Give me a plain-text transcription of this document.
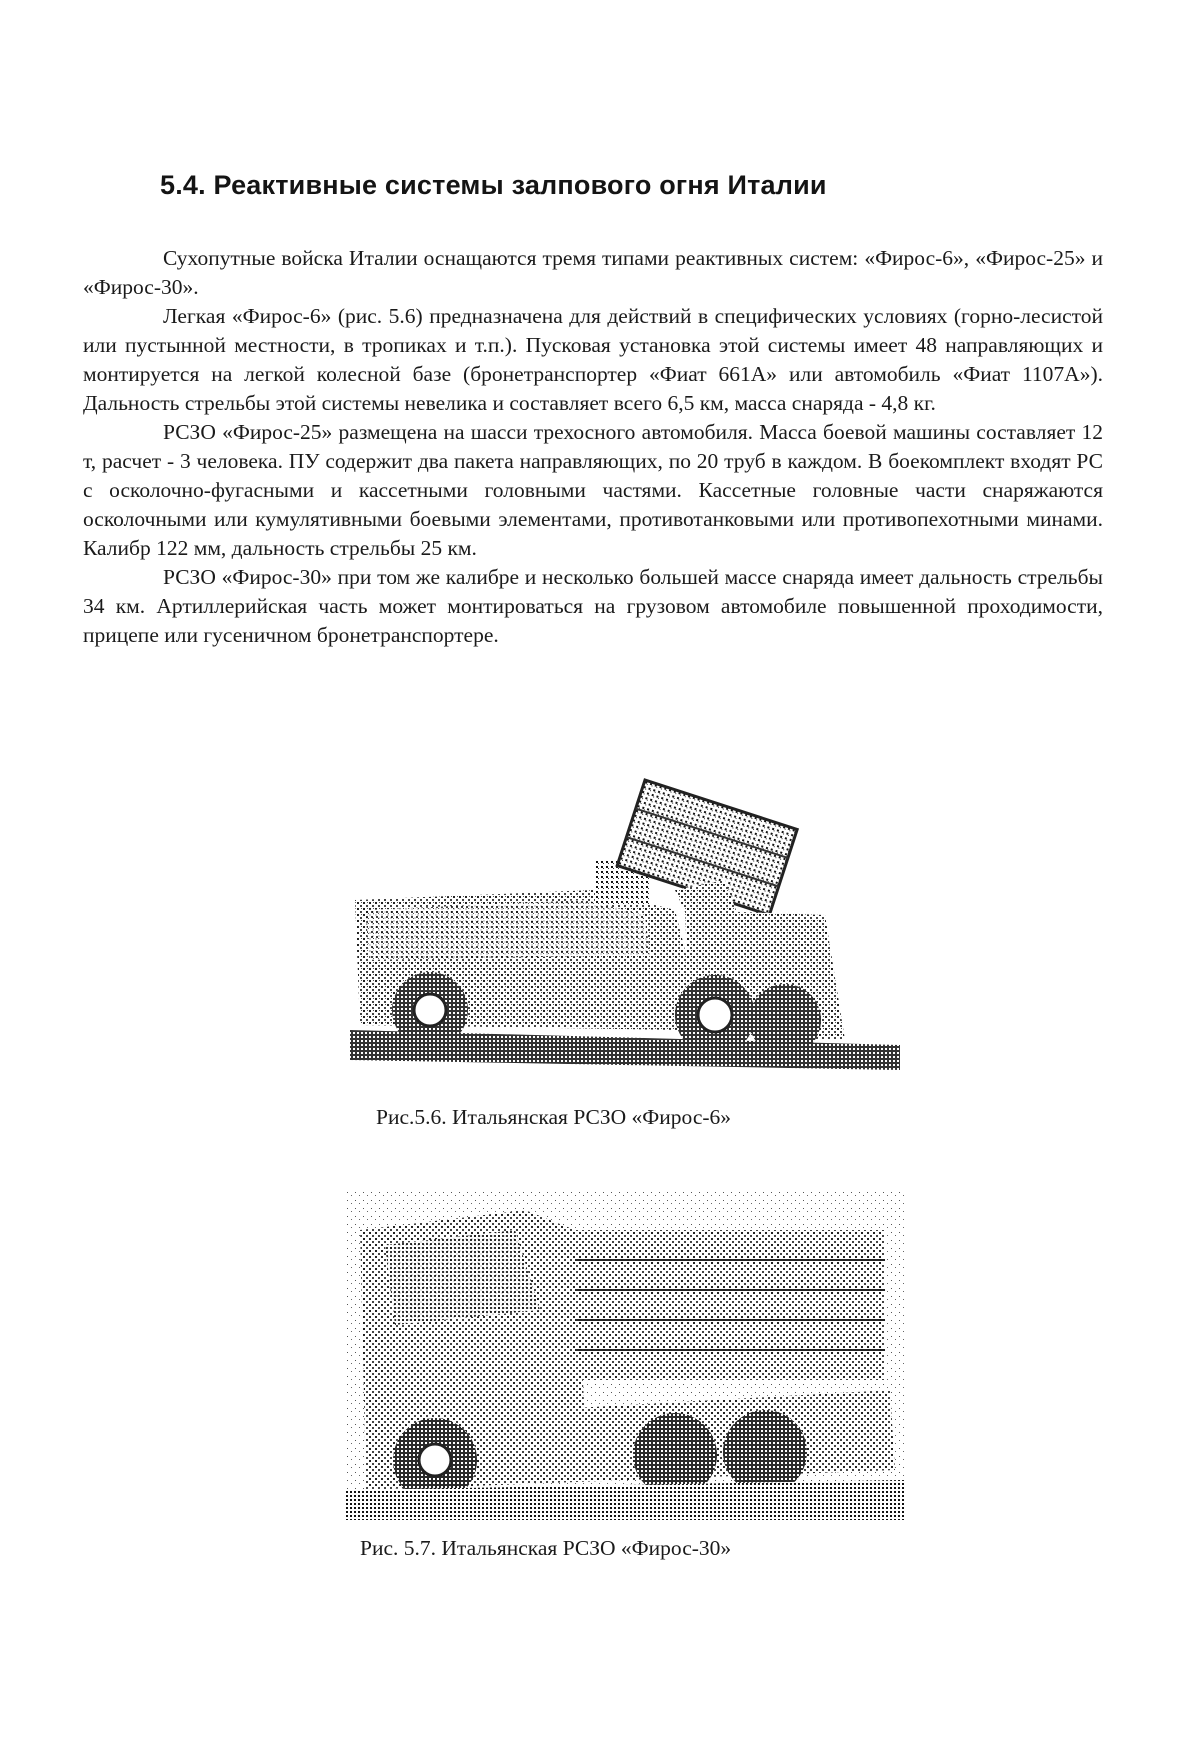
5.4. Реактивные системы залпового огня Италии

Сухопутные войска Италии оснащаются тремя типами реактивных систем: «Фирос-6», «Фирос-25» и «Фирос-30».

Легкая «Фирос-6» (рис. 5.6) предназначена для действий в специфических условиях (горно-лесистой или пустынной местности, в тропиках и т.п.). Пусковая установка этой системы имеет 48 направляющих и монтируется на легкой колесной базе (бронетранспортер «Фиат 661А» или автомобиль «Фиат 1107А»). Дальность стрельбы этой системы невелика и составляет всего 6,5 км, масса снаряда - 4,8 кг.

РСЗО «Фирос-25» размещена на шасси трехосного автомобиля. Масса боевой машины составляет 12 т, расчет - 3 человека. ПУ содержит два пакета направляющих, по 20 труб в каждом. В боекомплект входят РС с осколочно-фугасными и кассетными головными частями. Кассетные головные части снаряжаются осколочными или кумулятивными боевыми элементами, противотанковыми или противопехотными минами. Калибр 122 мм, дальность стрельбы 25 км.

РСЗО «Фирос-30» при том же калибре и несколько большей массе снаряда имеет дальность стрельбы 34 км. Артиллерийская часть может монтироваться на грузовом автомобиле повышенной проходимости, прицепе или гусеничном бронетранспортере.

Рис.5.6. Итальянская РСЗО «Фирос-6»
Рис. 5.7. Итальянская РСЗО «Фирос-30»
